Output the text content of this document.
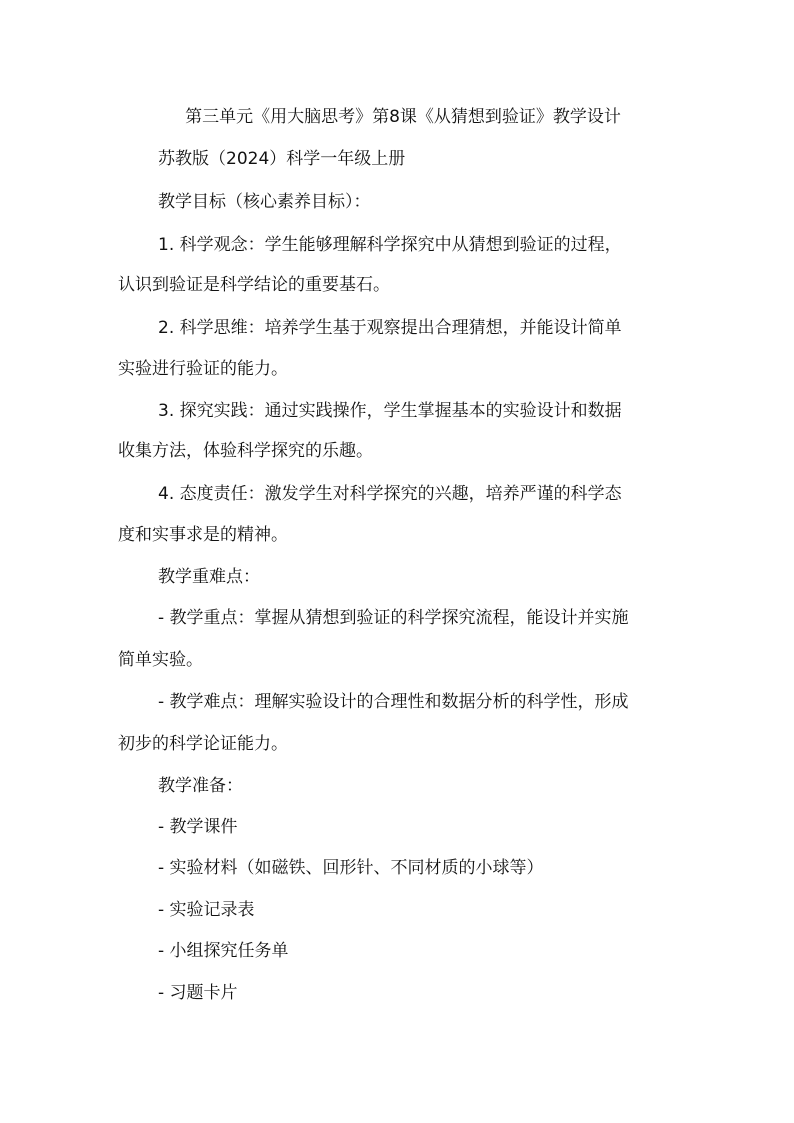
第三单元《用大脑思考》第8课《从猜想到验证》教学设计
苏教版（2024）科学一年级上册
教学目标（核心素养目标）：
1. 科学观念：学生能够理解科学探究中从猜想到验证的过程，
认识到验证是科学结论的重要基石。
2. 科学思维：培养学生基于观察提出合理猜想，并能设计简单
实验进行验证的能力。
3. 探究实践：通过实践操作，学生掌握基本的实验设计和数据
收集方法，体验科学探究的乐趣。
4. 态度责任：激发学生对科学探究的兴趣，培养严谨的科学态
度和实事求是的精神。
教学重难点：
- 教学重点：掌握从猜想到验证的科学探究流程，能设计并实施
简单实验。
- 教学难点：理解实验设计的合理性和数据分析的科学性，形成
初步的科学论证能力。
教学准备：
- 教学课件
- 实验材料（如磁铁、回形针、不同材质的小球等）
- 实验记录表
- 小组探究任务单
- 习题卡片
